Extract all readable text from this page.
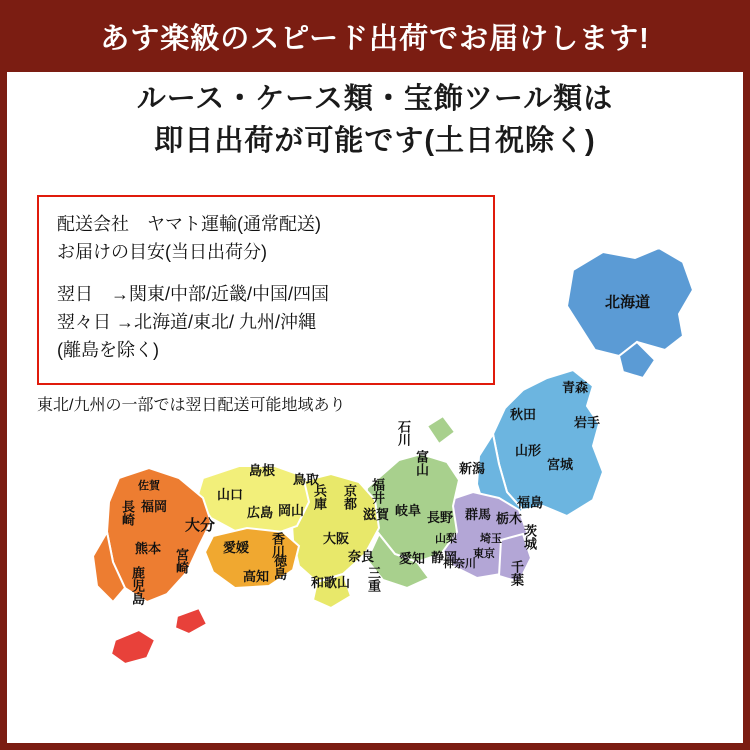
あす楽級のスピード出荷でお届けします!
ルース・ケース類・宝飾ツール類は
即日出荷が可能です(土日祝除く)
北海道
青森
秋田
岩手
山形
宮城
福島
新潟
富山
石川
福井
長野 群馬 栃木
茨城
埼玉
東京
千葉
神奈川
山梨
静岡
愛知
岐阜
滋賀
三重
京都
兵庫
大阪
奈良
和歌山
岡山
鳥取
島根
広島
山口
香川
徳島
愛媛
高知
福岡
佐賀
長崎	大分
熊本 宮崎
鹿児島
配送会社　ヤマト運輸(通常配送)
お届けの目安(当日出荷分)
翌日　→関東/中部/近畿/中国/四国
翌々日 →北海道/東北/ 九州/沖縄
(離島を除く)
東北/九州の一部では翌日配送可能地域あり
